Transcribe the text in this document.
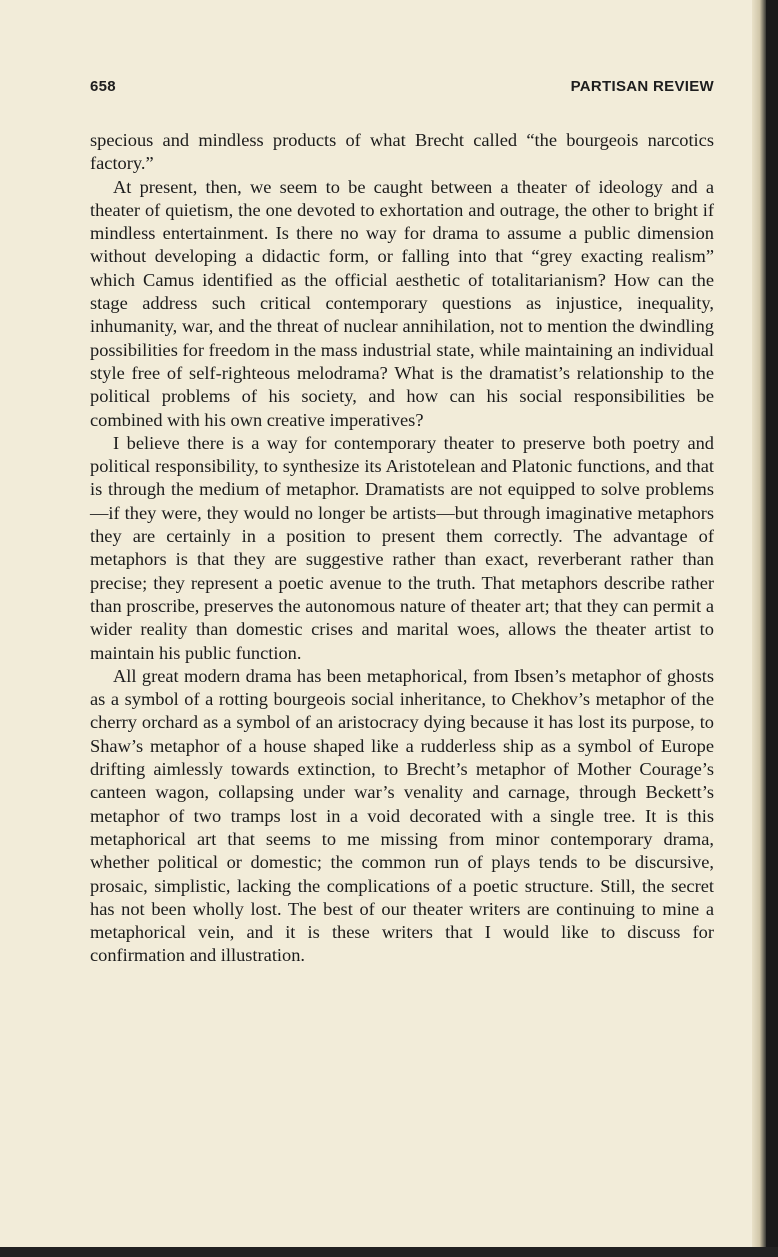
658	PARTISAN REVIEW

specious and mindless products of what Brecht called “the bourgeois narcotics factory.”

At present, then, we seem to be caught between a theater of ideology and a theater of quietism, the one devoted to exhortation and outrage, the other to bright if mindless entertainment. Is there no way for drama to assume a public dimension without developing a didactic form, or falling into that “grey exacting realism” which Camus identified as the official aesthetic of totalitarianism? How can the stage address such critical contemporary questions as injustice, inequality, inhumanity, war, and the threat of nuclear annihilation, not to mention the dwindling possibilities for freedom in the mass industrial state, while maintaining an individual style free of self-righteous melodrama? What is the dramatist’s relationship to the political problems of his society, and how can his social responsibilities be combined with his own creative imperatives?

I believe there is a way for contemporary theater to preserve both poetry and political responsibility, to synthesize its Aristotelean and Platonic functions, and that is through the medium of metaphor. Dramatists are not equipped to solve problems—if they were, they would no longer be artists—but through imaginative metaphors they are certainly in a position to present them correctly. The advantage of metaphors is that they are suggestive rather than exact, reverberant rather than precise; they represent a poetic avenue to the truth. That metaphors describe rather than proscribe, preserves the autonomous nature of theater art; that they can permit a wider reality than domestic crises and marital woes, allows the theater artist to maintain his public function.

All great modern drama has been metaphorical, from Ibsen’s metaphor of ghosts as a symbol of a rotting bourgeois social inheritance, to Chekhov’s metaphor of the cherry orchard as a symbol of an aristocracy dying because it has lost its purpose, to Shaw’s metaphor of a house shaped like a rudderless ship as a symbol of Europe drifting aimlessly towards extinction, to Brecht’s metaphor of Mother Courage’s canteen wagon, collapsing under war’s venality and carnage, through Beckett’s metaphor of two tramps lost in a void decorated with a single tree. It is this metaphorical art that seems to me missing from minor contemporary drama, whether political or domestic; the common run of plays tends to be discursive, prosaic, simplistic, lacking the complications of a poetic structure. Still, the secret has not been wholly lost. The best of our theater writers are continuing to mine a metaphorical vein, and it is these writers that I would like to discuss for confirmation and illustration.
